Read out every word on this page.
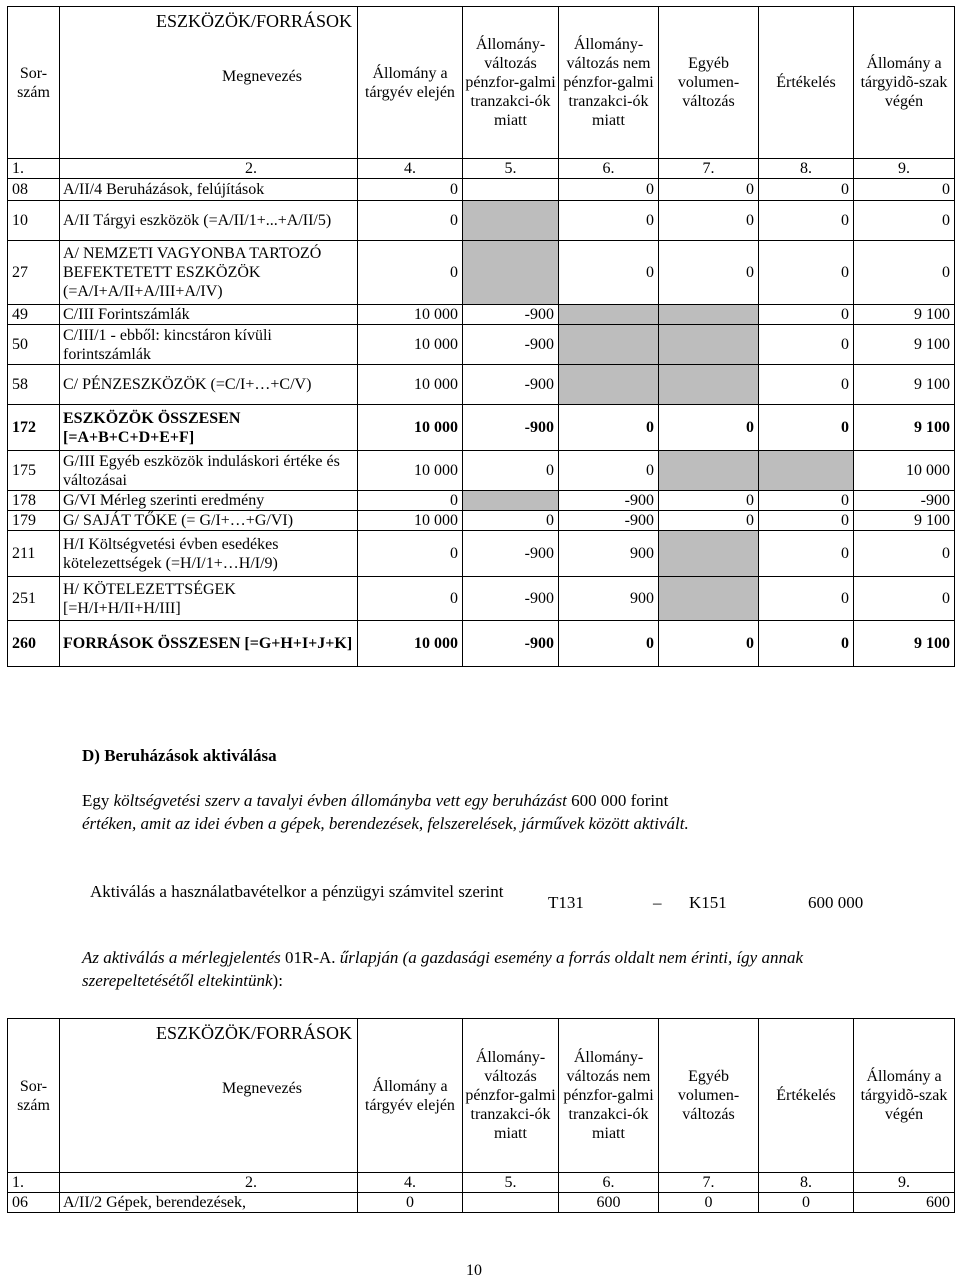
Sor-szám	ESZKÖZÖK/FORRÁSOK
Megnevezés	Állomány a tárgyév elején	Állomány-változás pénzfor-galmi tranzakci-ók miatt	Állomány-változás nem pénzfor-galmi tranzakci-ók miatt	Egyéb volumen-változás	Értékelés	Állomány a tárgyidõ-szak végén
1.	2.	4.	5.	6.	7.	8.	9.
08	A/II/4 Beruházások, felújítások	0		0	0	0	0
10	A/II Tárgyi eszközök (=A/II/1+...+A/II/5)	0		0	0	0	0
27	A/ NEMZETI VAGYONBA TARTOZÓ BEFEKTETETT ESZKÖZÖK (=A/I+A/II+A/III+A/IV)	0		0	0	0	0
49	C/III Forintszámlák	10 000	-900			0	9 100
50	C/III/1 - ebből: kincstáron kívüli forintszámlák	10 000	-900			0	9 100
58	C/ PÉNZESZKÖZÖK (=C/I+…+C/V)	10 000	-900			0	9 100
172	ESZKÖZÖK ÖSSZESEN [=A+B+C+D+E+F]	10 000	-900	0	0	0	9 100
175	G/III Egyéb eszközök induláskori értéke és változásai	10 000	0	0			10 000
178	G/VI Mérleg szerinti eredmény	0		-900	0	0	-900
179	G/ SAJÁT TŐKE (= G/I+…+G/VI)	10 000	0	-900	0	0	9 100
211	H/I Költségvetési évben esedékes kötelezettségek (=H/I/1+…H/I/9)	0	-900	900		0	0
251	H/ KÖTELEZETTSÉGEK [=H/I+H/II+H/III]	0	-900	900		0	0
260	FORRÁSOK ÖSSZESEN [=G+H+I+J+K]	10 000	-900	0	0	0	9 100
D) Beruházások aktiválása
Egy költségvetési szerv a tavalyi évben állományba vett egy beruházást 600 000 forint
értéken, amit az idei évben a gépek, berendezések, felszerelések, járművek között aktivált.
Aktiválás a használatbavételkor a pénzügyi számvitel szerint
T131	– K151	600 000
Az aktiválás a mérlegjelentés 01R-A. űrlapján (a gazdasági esemény a forrás oldalt nem érinti, így annak szerepeltetésétől eltekintünk):
Sor-szám	ESZKÖZÖK/FORRÁSOK
Megnevezés	Állomány a tárgyév elején	Állomány-változás pénzfor-galmi tranzakci-ók miatt	Állomány-változás nem pénzfor-galmi tranzakci-ók miatt	Egyéb volumen-változás	Értékelés	Állomány a tárgyidõ-szak végén
1.	2.	4.	5.	6.	7.	8.	9.
06	A/II/2 Gépek, berendezések,	0		600	0	0	600
10
